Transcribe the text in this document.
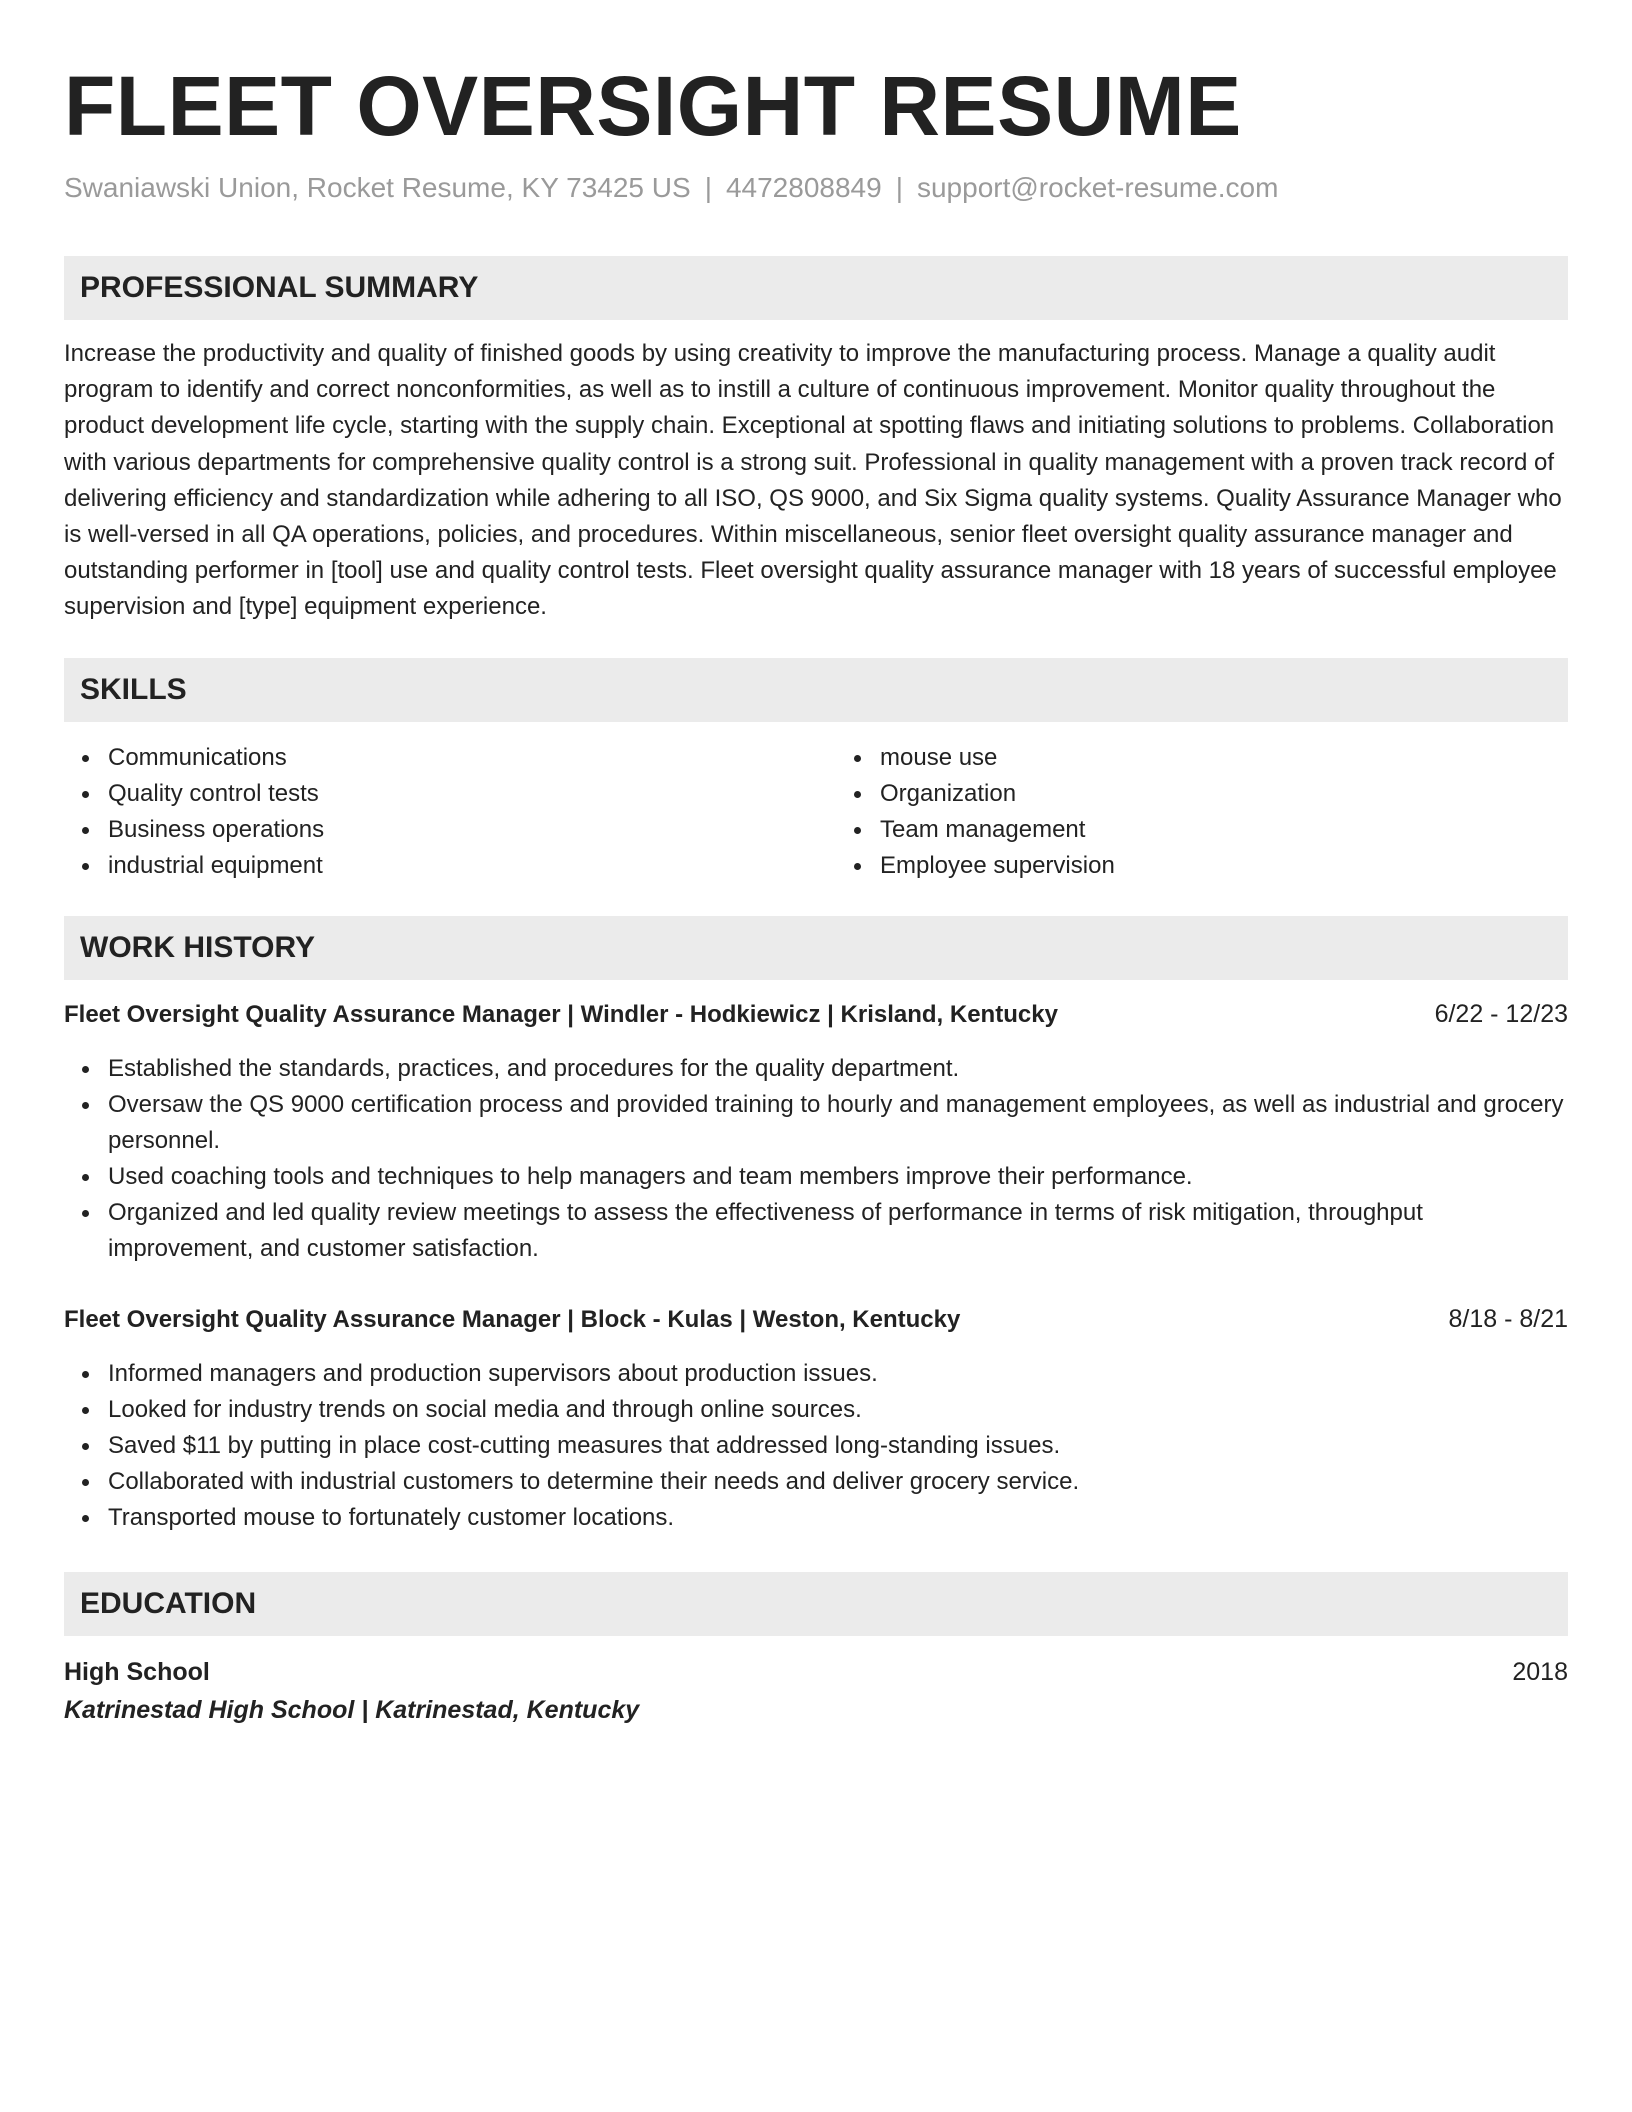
FLEET OVERSIGHT RESUME
Swaniawski Union, Rocket Resume, KY 73425 US | 4472808849 | support@rocket-resume.com
PROFESSIONAL SUMMARY
Increase the productivity and quality of finished goods by using creativity to improve the manufacturing process. Manage a quality audit program to identify and correct nonconformities, as well as to instill a culture of continuous improvement. Monitor quality throughout the product development life cycle, starting with the supply chain. Exceptional at spotting flaws and initiating solutions to problems. Collaboration with various departments for comprehensive quality control is a strong suit. Professional in quality management with a proven track record of delivering efficiency and standardization while adhering to all ISO, QS 9000, and Six Sigma quality systems. Quality Assurance Manager who is well-versed in all QA operations, policies, and procedures. Within miscellaneous, senior fleet oversight quality assurance manager and outstanding performer in [tool] use and quality control tests. Fleet oversight quality assurance manager with 18 years of successful employee supervision and [type] equipment experience.
SKILLS
Communications
Quality control tests
Business operations
industrial equipment
mouse use
Organization
Team management
Employee supervision
WORK HISTORY
Fleet Oversight Quality Assurance Manager | Windler - Hodkiewicz | Krisland, Kentucky	6/22 - 12/23
Established the standards, practices, and procedures for the quality department.
Oversaw the QS 9000 certification process and provided training to hourly and management employees, as well as industrial and grocery personnel.
Used coaching tools and techniques to help managers and team members improve their performance.
Organized and led quality review meetings to assess the effectiveness of performance in terms of risk mitigation, throughput improvement, and customer satisfaction.
Fleet Oversight Quality Assurance Manager | Block - Kulas | Weston, Kentucky	8/18 - 8/21
Informed managers and production supervisors about production issues.
Looked for industry trends on social media and through online sources.
Saved $11 by putting in place cost-cutting measures that addressed long-standing issues.
Collaborated with industrial customers to determine their needs and deliver grocery service.
Transported mouse to fortunately customer locations.
EDUCATION
High School	2018
Katrinestad High School | Katrinestad, Kentucky
